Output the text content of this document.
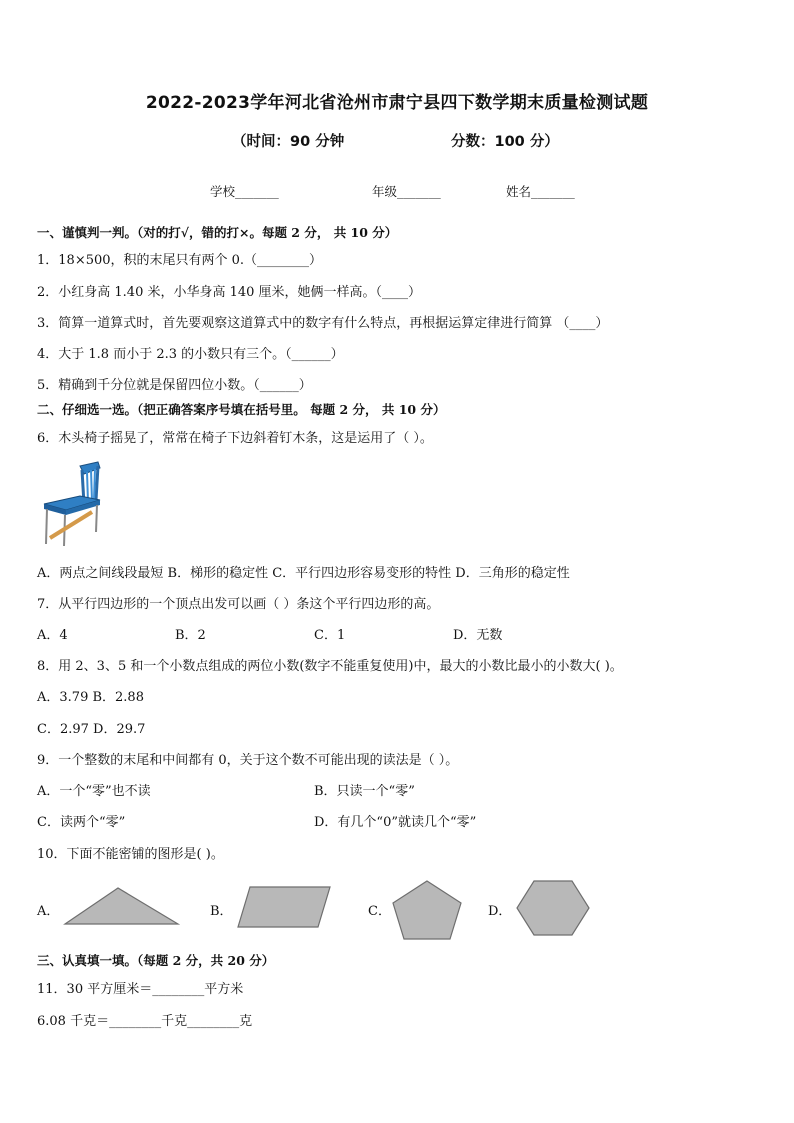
2022-2023学年河北省沧州市肃宁县四下数学期末质量检测试题
（时间：90 分钟	分数：100 分）
学校_______	年级_______	姓名_______
一、谨慎判一判。（对的打√，错的打×。每题 2 分， 共 10 分）
1．18×500，积的末尾只有两个 0.（________）
2．小红身高 1.40 米，小华身高 140 厘米，她俩一样高。（____）
3．简算一道算式时，首先要观察这道算式中的数字有什么特点，再根据运算定律进行简算 （____）
4．大于 1.8 而小于 2.3 的小数只有三个。（______）
5．精确到千分位就是保留四位小数。（______）
二、仔细选一选。（把正确答案序号填在括号里。 每题 2 分， 共 10 分）
6．木头椅子摇晃了，常常在椅子下边斜着钉木条，这是运用了（ ）。
A．两点之间线段最短 B．梯形的稳定性 C．平行四边形容易变形的特性 D．三角形的稳定性
7．从平行四边形的一个顶点出发可以画（ ）条这个平行四边形的高。
A．4	B．2	C．1	D．无数
8．用 2、3、5 和一个小数点组成的两位小数(数字不能重复使用)中，最大的小数比最小的小数大( )。
A．3.79 B．2.88
C．2.97 D．29.7
9．一个整数的末尾和中间都有 0，关于这个数不可能出现的读法是（ ）。
A．一个“零”也不读	B．只读一个“零”
C．读两个“零”	D．有几个“0”就读几个“零”
10．下面不能密铺的图形是( )。
A．	B．	C．	D．
三、认真填一填。（每题 2 分，共 20 分）
11．30 平方厘米＝________平方米
6.08 千克＝________千克________克
